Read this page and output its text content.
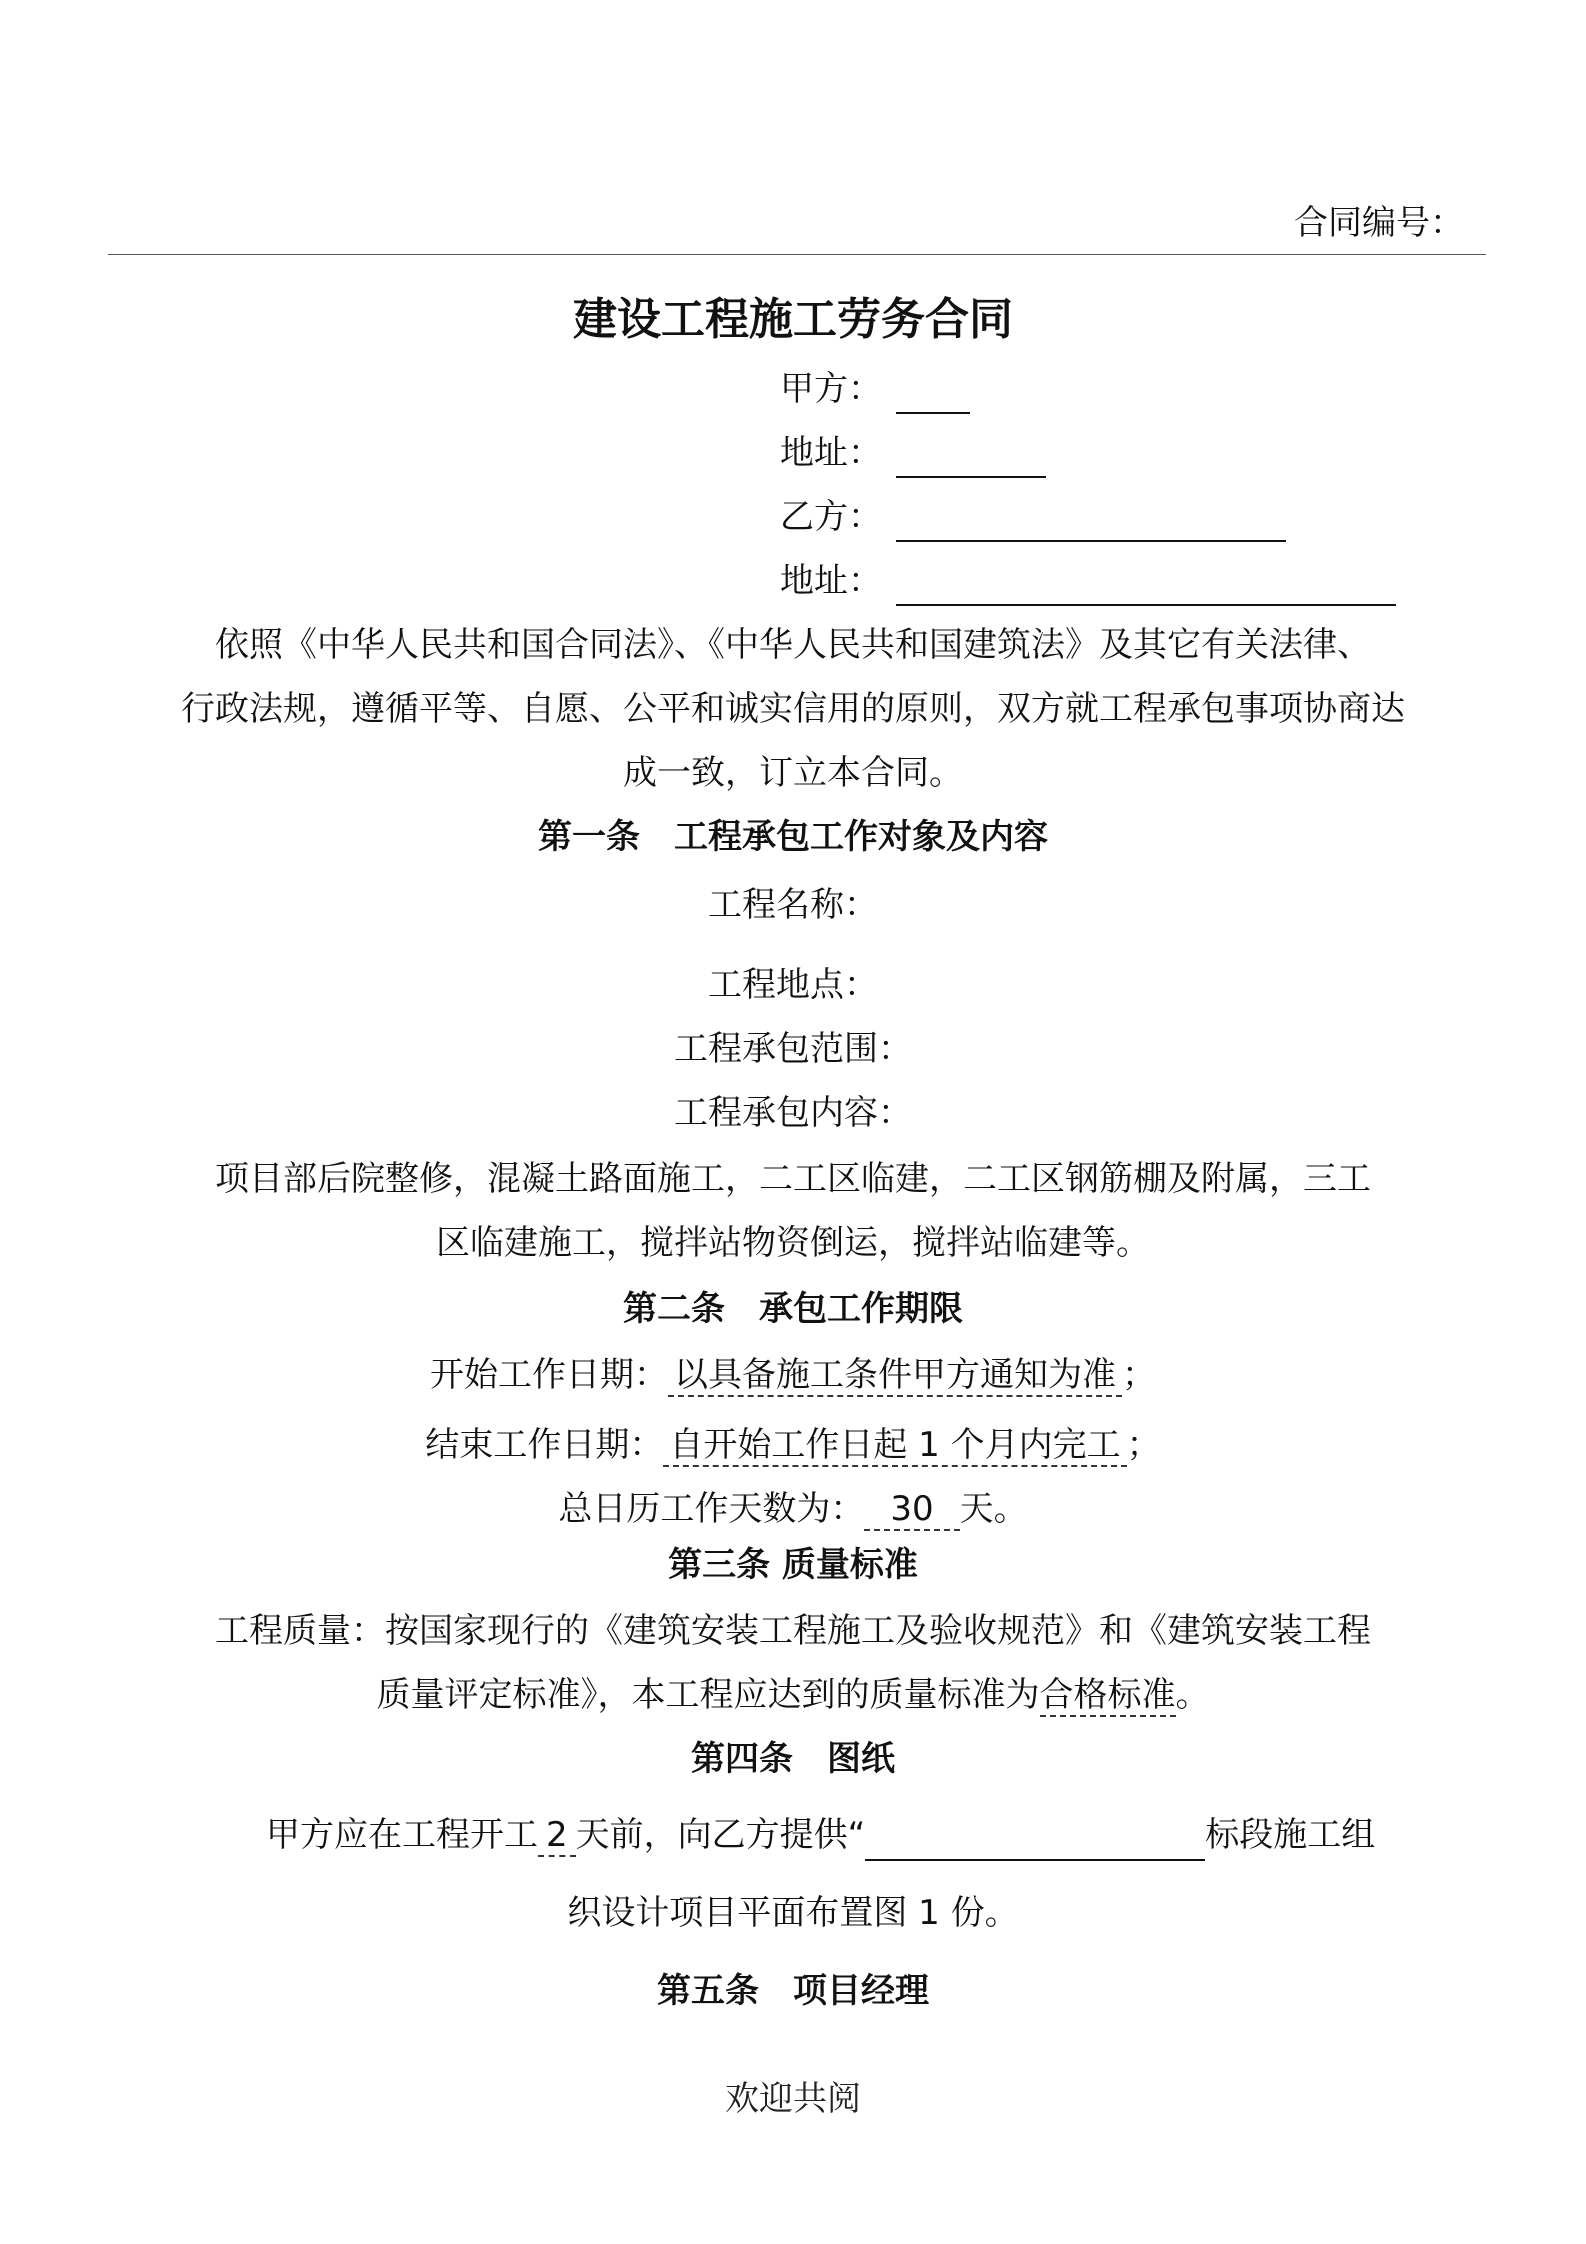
合同编号：
建设工程施工劳务合同
甲方：
地址：
乙方：
地址：
依照《中华人民共和国合同法》、《中华人民共和国建筑法》及其它有关法律、
行政法规，遵循平等、自愿、公平和诚实信用的原则，双方就工程承包事项协商达
成一致，订立本合同。
第一条　工程承包工作对象及内容
工程名称：
工程地点：
工程承包范围：
工程承包内容：
项目部后院整修，混凝土路面施工，二工区临建，二工区钢筋棚及附属，三工
区临建施工，搅拌站物资倒运，搅拌站临建等。
第二条　承包工作期限
开始工作日期： 以具备施工条件甲方通知为准 ；
结束工作日期： 自开始工作日起 1 个月内完工 ；
总日历工作天数为： 30 天。
第三条 质量标准
工程质量：按国家现行的《建筑安装工程施工及验收规范》和《建筑安装工程
质量评定标准》，本工程应达到的质量标准为合格标准。
第四条　图纸
甲方应在工程开工 2 天前，向乙方提供“	标段施工组
织设计项目平面布置图 1 份。
第五条　项目经理
欢迎共阅
